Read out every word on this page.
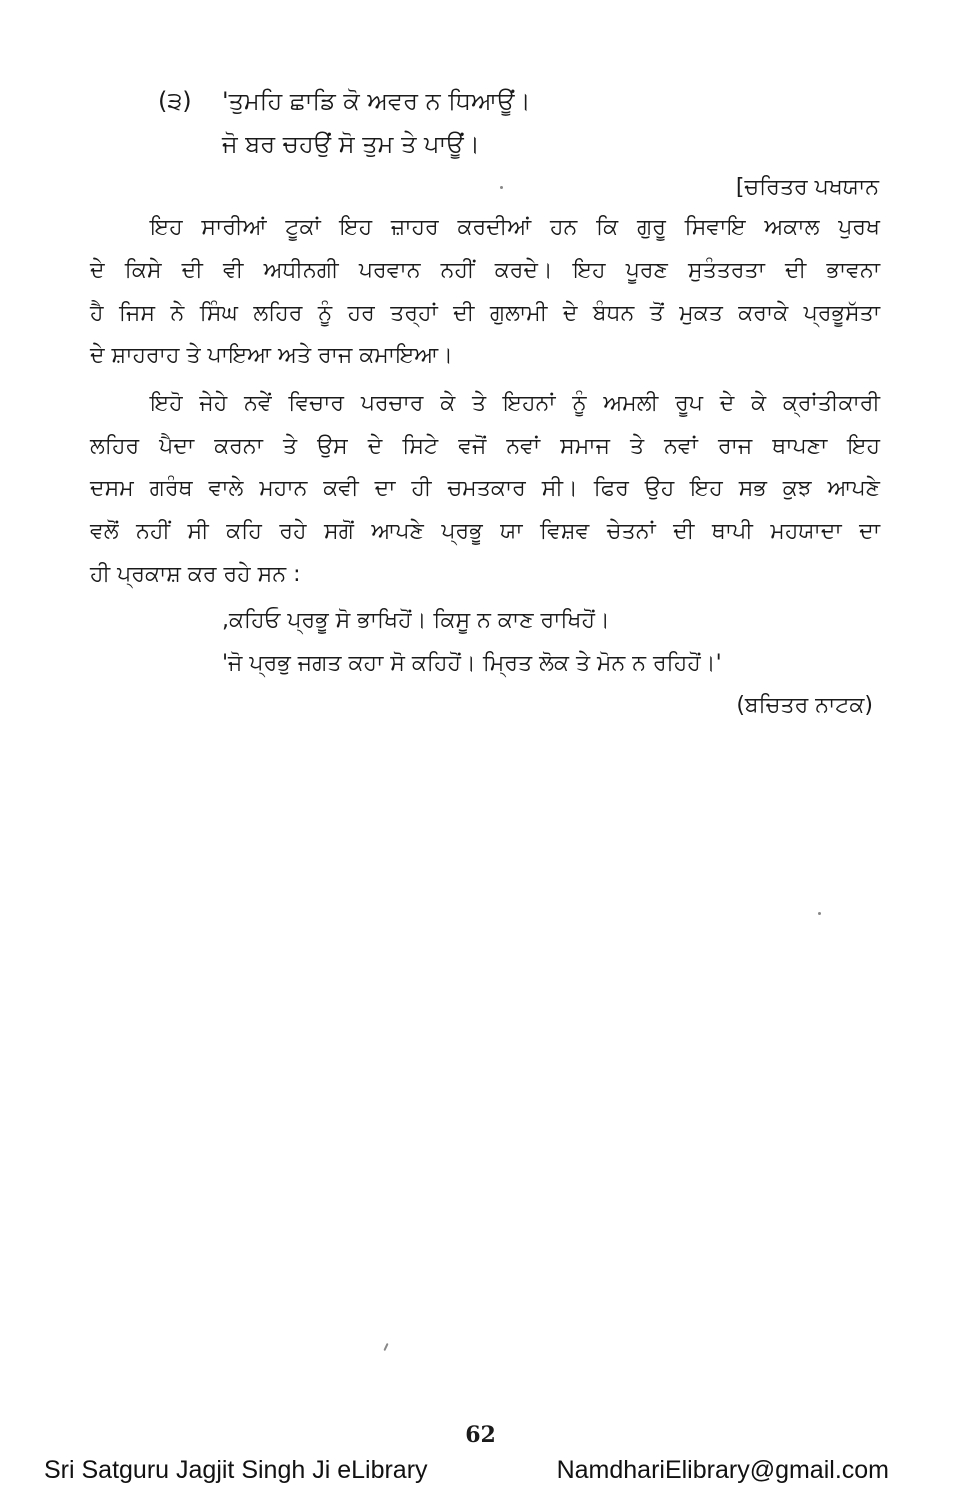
(੩) 'ਤੁਮਹਿ ਛਾਡਿ ਕੋ ਅਵਰ ਨ ਧਿਆਊਂ।
ਜੋ ਬਰ ਚਹਉਂ ਸੋ ਤੁਮ ਤੇ ਪਾਊਂ।
[ਚਰਿਤਰ ਪਖਯਾਨ
ਇਹ ਸਾਰੀਆਂ ਟੂਕਾਂ ਇਹ ਜ਼ਾਹਰ ਕਰਦੀਆਂ ਹਨ ਕਿ ਗੁਰੂ ਸਿਵਾਇ ਅਕਾਲ ਪੁਰਖ
ਦੇ ਕਿਸੇ ਦੀ ਵੀ ਅਧੀਨਗੀ ਪਰਵਾਨ ਨਹੀਂ ਕਰਦੇ। ਇਹ ਪੂਰਣ ਸੁਤੰਤਰਤਾ ਦੀ ਭਾਵਨਾ
ਹੈ ਜਿਸ ਨੇ ਸਿੰਘ ਲਹਿਰ ਨੂੰ ਹਰ ਤਰ੍ਹਾਂ ਦੀ ਗੁਲਾਮੀ ਦੇ ਬੰਧਨ ਤੋਂ ਮੁਕਤ ਕਰਾਕੇ ਪ੍ਰਭੂਸੱਤਾ
ਦੇ ਸ਼ਾਹਰਾਹ ਤੇ ਪਾਇਆ ਅਤੇ ਰਾਜ ਕਮਾਇਆ।
ਇਹੋ ਜੇਹੇ ਨਵੇਂ ਵਿਚਾਰ ਪਰਚਾਰ ਕੇ ਤੇ ਇਹਨਾਂ ਨੂੰ ਅਮਲੀ ਰੂਪ ਦੇ ਕੇ ਕ੍ਰਾਂਤੀਕਾਰੀ
ਲਹਿਰ ਪੈਦਾ ਕਰਨਾ ਤੇ ਉਸ ਦੇ ਸਿਟੇ ਵਜੋਂ ਨਵਾਂ ਸਮਾਜ ਤੇ ਨਵਾਂ ਰਾਜ ਥਾਪਣਾ ਇਹ
ਦਸਮ ਗਰੰਥ ਵਾਲੇ ਮਹਾਨ ਕਵੀ ਦਾ ਹੀ ਚਮਤਕਾਰ ਸੀ। ਫਿਰ ਉਹ ਇਹ ਸਭ ਕੁਝ ਆਪਣੇ
ਵਲੋਂ ਨਹੀਂ ਸੀ ਕਹਿ ਰਹੇ ਸਗੋਂ ਆਪਣੇ ਪ੍ਰਭੂ ਯਾ ਵਿਸ਼ਵ ਚੇਤਨਾਂ ਦੀ ਥਾਪੀ ਮਹਯਾਦਾ ਦਾ
ਹੀ ਪ੍ਰਕਾਸ਼ ਕਰ ਰਹੇ ਸਨ :
,ਕਹਿਓ ਪ੍ਰਭੂ ਸੋ ਭਾਖਿਹੋਂ। ਕਿਸੂ ਨ ਕਾਣ ਰਾਖਿਹੋਂ।
'ਜੋ ਪ੍ਰਭੁ ਜਗਤ ਕਹਾ ਸੋ ਕਹਿਹੋਂ। ਮ੍ਰਿਤ ਲੋਕ ਤੇ ਮੋਨ ਨ ਰਹਿਹੋਂ।'
(ਬਚਿਤਰ ਨਾਟਕ)
62
Sri Satguru Jagjit Singh Ji eLibrary	NamdhariElibrary@gmail.com
